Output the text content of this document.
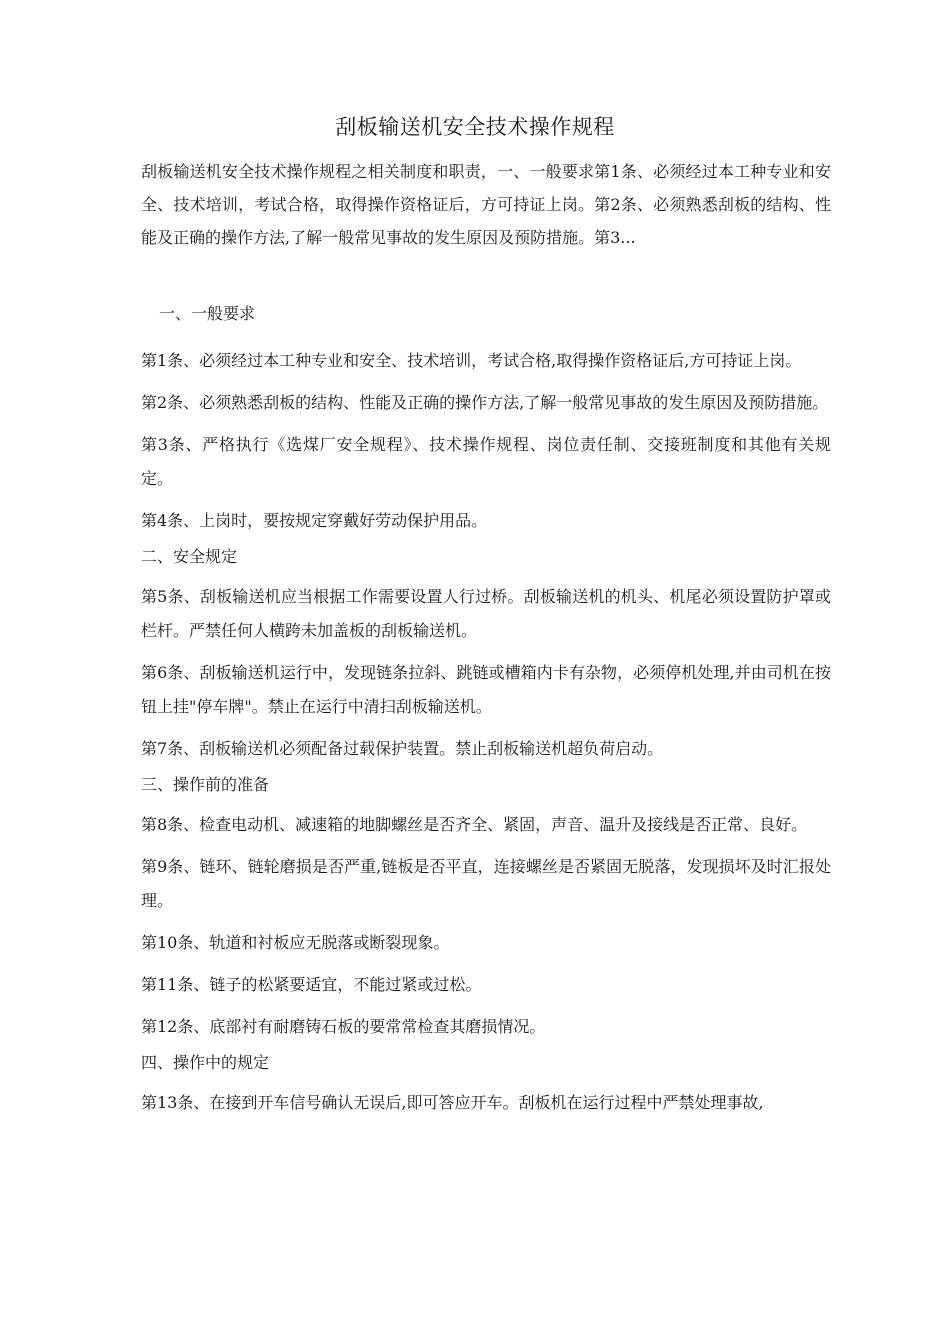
刮板输送机安全技术操作规程
刮板输送机安全技术操作规程之相关制度和职责，一、一般要求第1条、必须经过本工种专业和安全、技术培训，考试合格，取得操作资格证后，方可持证上岗。第2条、必须熟悉刮板的结构、性能及正确的操作方法,了解一般常见事故的发生原因及预防措施。第3...
一、一般要求

第1条、必须经过本工种专业和安全、技术培训，考试合格,取得操作资格证后,方可持证上岗。

第2条、必须熟悉刮板的结构、性能及正确的操作方法,了解一般常见事故的发生原因及预防措施。

第3条、严格执行《选煤厂安全规程》、技术操作规程、岗位责任制、交接班制度和其他有关规定。

第4条、上岗时，要按规定穿戴好劳动保护用品。

二、安全规定

第5条、刮板输送机应当根据工作需要设置人行过桥。刮板输送机的机头、机尾必须设置防护罩或栏杆。严禁任何人横跨未加盖板的刮板输送机。

第6条、刮板输送机运行中，发现链条拉斜、跳链或槽箱内卡有杂物，必须停机处理,并由司机在按钮上挂"停车牌"。禁止在运行中清扫刮板输送机。

第7条、刮板输送机必须配备过载保护装置。禁止刮板输送机超负荷启动。

三、操作前的准备

第8条、检查电动机、减速箱的地脚螺丝是否齐全、紧固，声音、温升及接线是否正常、良好。

第9条、链环、链轮磨损是否严重,链板是否平直，连接螺丝是否紧固无脱落，发现损坏及时汇报处理。

第10条、轨道和衬板应无脱落或断裂现象。

第11条、链子的松紧要适宜，不能过紧或过松。

第12条、底部衬有耐磨铸石板的要常常检查其磨损情况。

四、操作中的规定

第13条、在接到开车信号确认无误后,即可答应开车。刮板机在运行过程中严禁处理事故,
